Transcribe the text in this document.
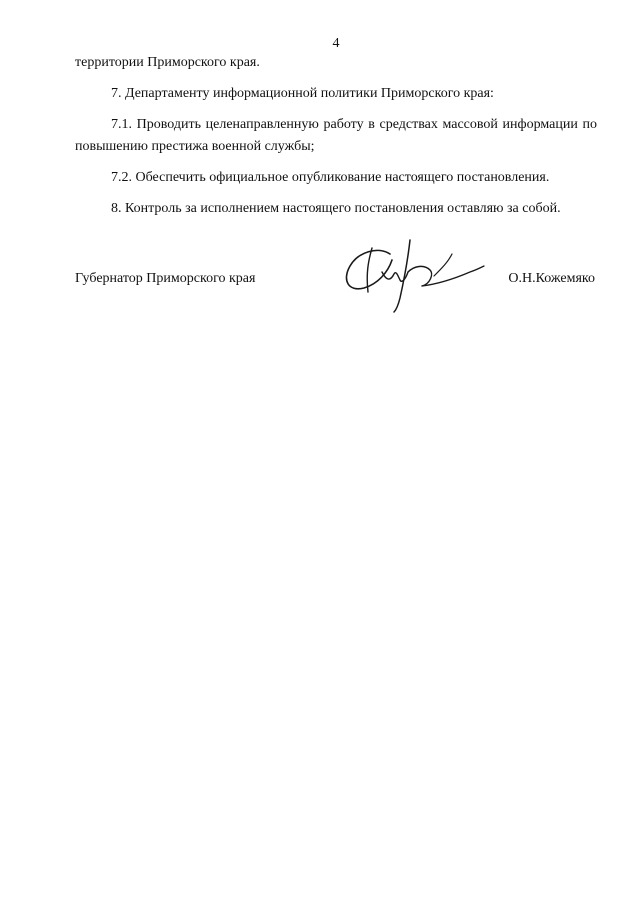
4

территории Приморского края.

7. Департаменту информационной политики Приморского края:

7.1. Проводить целенаправленную работу в средствах массовой информации по повышению престижа военной службы;

7.2. Обеспечить официальное опубликование настоящего постановления.

8. Контроль за исполнением настоящего постановления оставляю за собой.

Губернатор Приморского края	О.Н.Кожемяко
